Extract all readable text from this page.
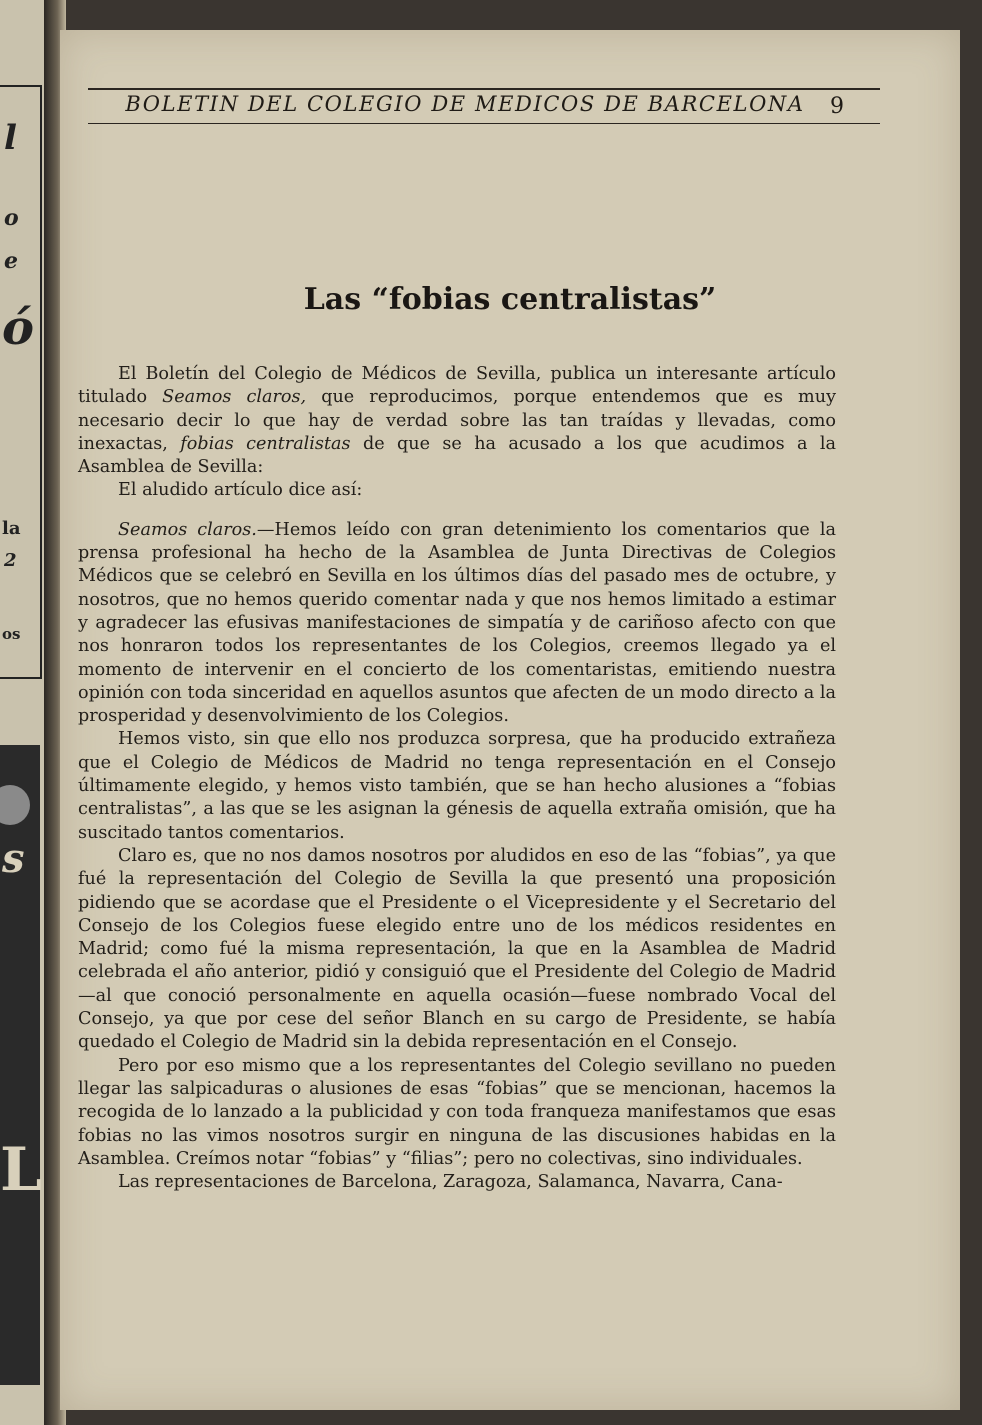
l
o
e
ó
la
2
os
s
L
BOLETIN DEL COLEGIO DE MEDICOS DE BARCELONA	9
Las “fobias centralistas”

El Boletín del Colegio de Médicos de Sevilla, publica un interesante artículo titulado Seamos claros, que reproducimos, porque entendemos que es muy necesario decir lo que hay de verdad sobre las tan traídas y llevadas, como inexactas, fobias centralistas de que se ha acusado a los que acudimos a la Asamblea de Sevilla:

El aludido artículo dice así:

Seamos claros.—Hemos leído con gran detenimiento los comentarios que la prensa profesional ha hecho de la Asamblea de Junta Directivas de Colegios Médicos que se celebró en Sevilla en los últimos días del pasado mes de octubre, y nosotros, que no hemos querido comentar nada y que nos hemos limitado a estimar y agradecer las efusivas manifestaciones de simpatía y de cariñoso afecto con que nos honraron todos los representantes de los Colegios, creemos llegado ya el momento de intervenir en el concierto de los comentaristas, emitiendo nuestra opinión con toda sinceridad en aquellos asuntos que afecten de un modo directo a la prosperidad y desenvolvimiento de los Colegios.

Hemos visto, sin que ello nos produzca sorpresa, que ha producido extrañeza que el Colegio de Médicos de Madrid no tenga representación en el Consejo últimamente elegido, y hemos visto también, que se han hecho alusiones a “fobias centralistas”, a las que se les asignan la génesis de aquella extraña omisión, que ha suscitado tantos comentarios.

Claro es, que no nos damos nosotros por aludidos en eso de las “fobias”, ya que fué la representación del Colegio de Sevilla la que presentó una proposición pidiendo que se acordase que el Presidente o el Vicepresidente y el Secretario del Consejo de los Colegios fuese elegido entre uno de los médicos residentes en Madrid; como fué la misma representación, la que en la Asamblea de Madrid celebrada el año anterior, pidió y consiguió que el Presidente del Colegio de Madrid—al que conoció personalmente en aquella ocasión—fuese nombrado Vocal del Consejo, ya que por cese del señor Blanch en su cargo de Presidente, se había quedado el Colegio de Madrid sin la debida representación en el Consejo.

Pero por eso mismo que a los representantes del Colegio sevillano no pueden llegar las salpicaduras o alusiones de esas “fobias” que se mencionan, hacemos la recogida de lo lanzado a la publicidad y con toda franqueza manifestamos que esas fobias no las vimos nosotros surgir en ninguna de las discusiones habidas en la Asamblea. Creímos notar “fobias” y “filias”; pero no colectivas, sino individuales.

Las representaciones de Barcelona, Zaragoza, Salamanca, Navarra, Cana-
